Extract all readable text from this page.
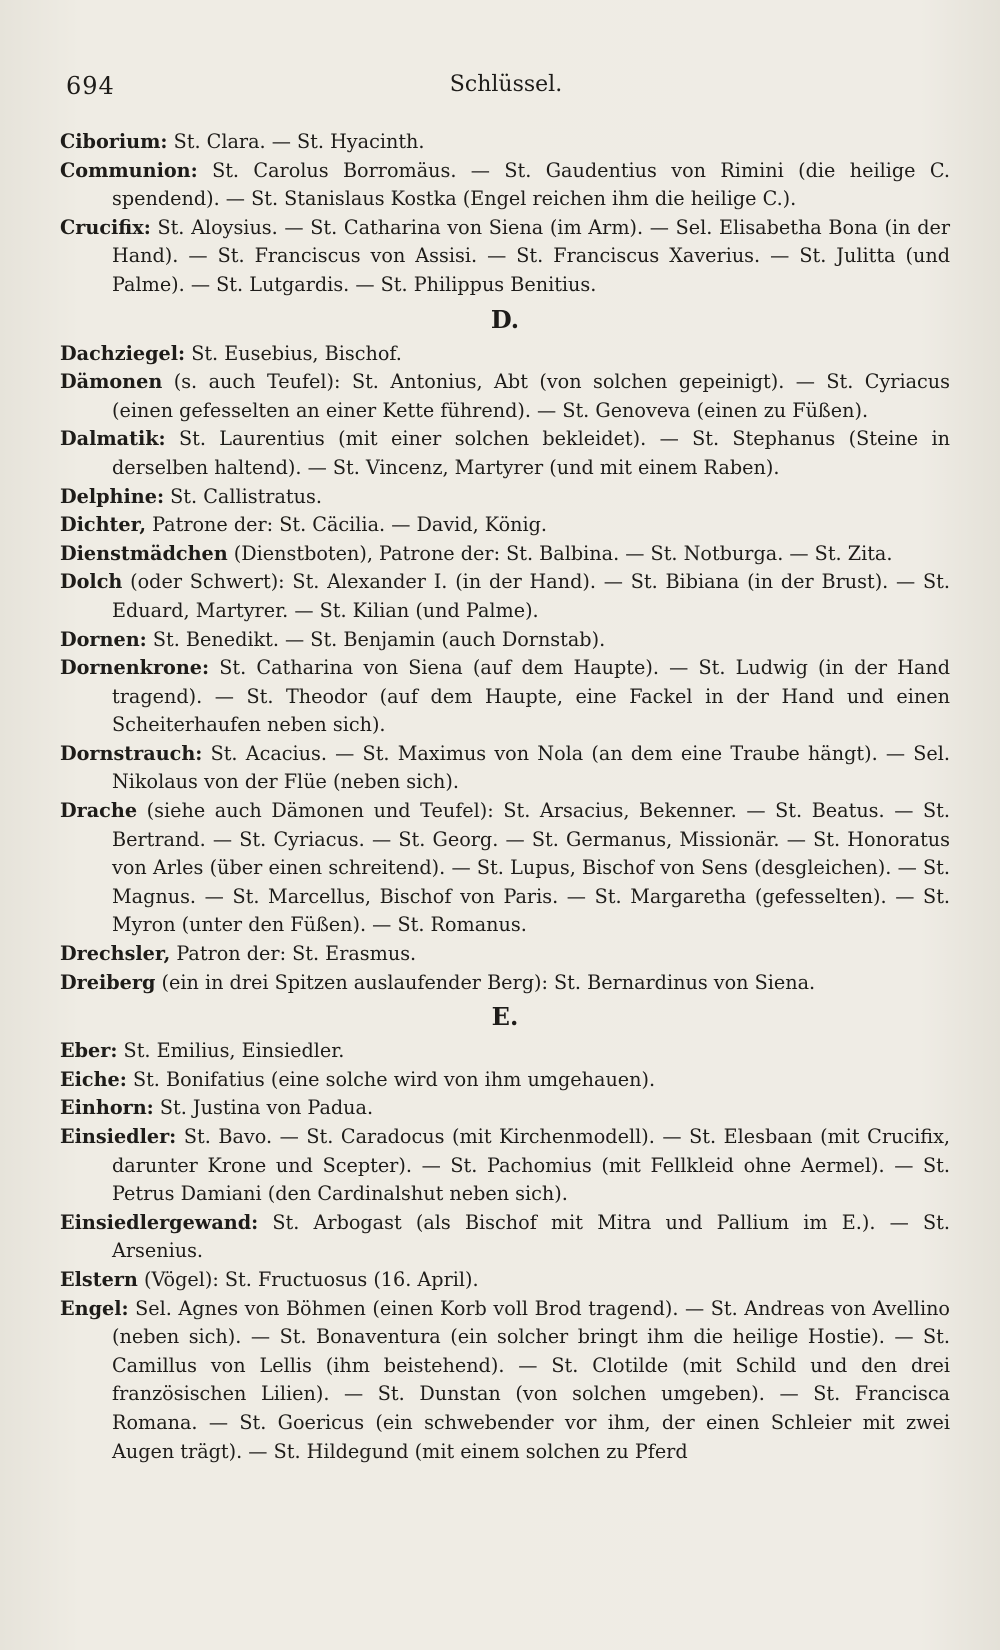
694	Schlüssel.
Ciborium: St. Clara. — St. Hyacinth.
Communion: St. Carolus Borromäus. — St. Gaudentius von Rimini (die heilige C. spendend). — St. Stanislaus Kostka (Engel reichen ihm die heilige C.).
Crucifix: St. Aloysius. — St. Catharina von Siena (im Arm). — Sel. Elisabetha Bona (in der Hand). — St. Franciscus von Assisi. — St. Franciscus Xaverius. — St. Julitta (und Palme). — St. Lutgardis. — St. Philippus Benitius.
D.
Dachziegel: St. Eusebius, Bischof.
Dämonen (s. auch Teufel): St. Antonius, Abt (von solchen gepeinigt). — St. Cyriacus (einen gefesselten an einer Kette führend). — St. Genoveva (einen zu Füßen).
Dalmatik: St. Laurentius (mit einer solchen bekleidet). — St. Stephanus (Steine in derselben haltend). — St. Vincenz, Martyrer (und mit einem Raben).
Delphine: St. Callistratus.
Dichter, Patrone der: St. Cäcilia. — David, König.
Dienstmädchen (Dienstboten), Patrone der: St. Balbina. — St. Notburga. — St. Zita.
Dolch (oder Schwert): St. Alexander I. (in der Hand). — St. Bibiana (in der Brust). — St. Eduard, Martyrer. — St. Kilian (und Palme).
Dornen: St. Benedikt. — St. Benjamin (auch Dornstab).
Dornenkrone: St. Catharina von Siena (auf dem Haupte). — St. Ludwig (in der Hand tragend). — St. Theodor (auf dem Haupte, eine Fackel in der Hand und einen Scheiterhaufen neben sich).
Dornstrauch: St. Acacius. — St. Maximus von Nola (an dem eine Traube hängt). — Sel. Nikolaus von der Flüe (neben sich).
Drache (siehe auch Dämonen und Teufel): St. Arsacius, Bekenner. — St. Beatus. — St. Bertrand. — St. Cyriacus. — St. Georg. — St. Germanus, Missionär. — St. Honoratus von Arles (über einen schreitend). — St. Lupus, Bischof von Sens (desgleichen). — St. Magnus. — St. Marcellus, Bischof von Paris. — St. Margaretha (gefesselten). — St. Myron (unter den Füßen). — St. Romanus.
Drechsler, Patron der: St. Erasmus.
Dreiberg (ein in drei Spitzen auslaufender Berg): St. Bernardinus von Siena.
E.
Eber: St. Emilius, Einsiedler.
Eiche: St. Bonifatius (eine solche wird von ihm umgehauen).
Einhorn: St. Justina von Padua.
Einsiedler: St. Bavo. — St. Caradocus (mit Kirchenmodell). — St. Elesbaan (mit Crucifix, darunter Krone und Scepter). — St. Pachomius (mit Fellkleid ohne Aermel). — St. Petrus Damiani (den Cardinalshut neben sich).
Einsiedlergewand: St. Arbogast (als Bischof mit Mitra und Pallium im E.). — St. Arsenius.
Elstern (Vögel): St. Fructuosus (16. April).
Engel: Sel. Agnes von Böhmen (einen Korb voll Brod tragend). — St. Andreas von Avellino (neben sich). — St. Bonaventura (ein solcher bringt ihm die heilige Hostie). — St. Camillus von Lellis (ihm beistehend). — St. Clotilde (mit Schild und den drei französischen Lilien). — St. Dunstan (von solchen umgeben). — St. Francisca Romana. — St. Goericus (ein schwebender vor ihm, der einen Schleier mit zwei Augen trägt). — St. Hildegund (mit einem solchen zu Pferd
